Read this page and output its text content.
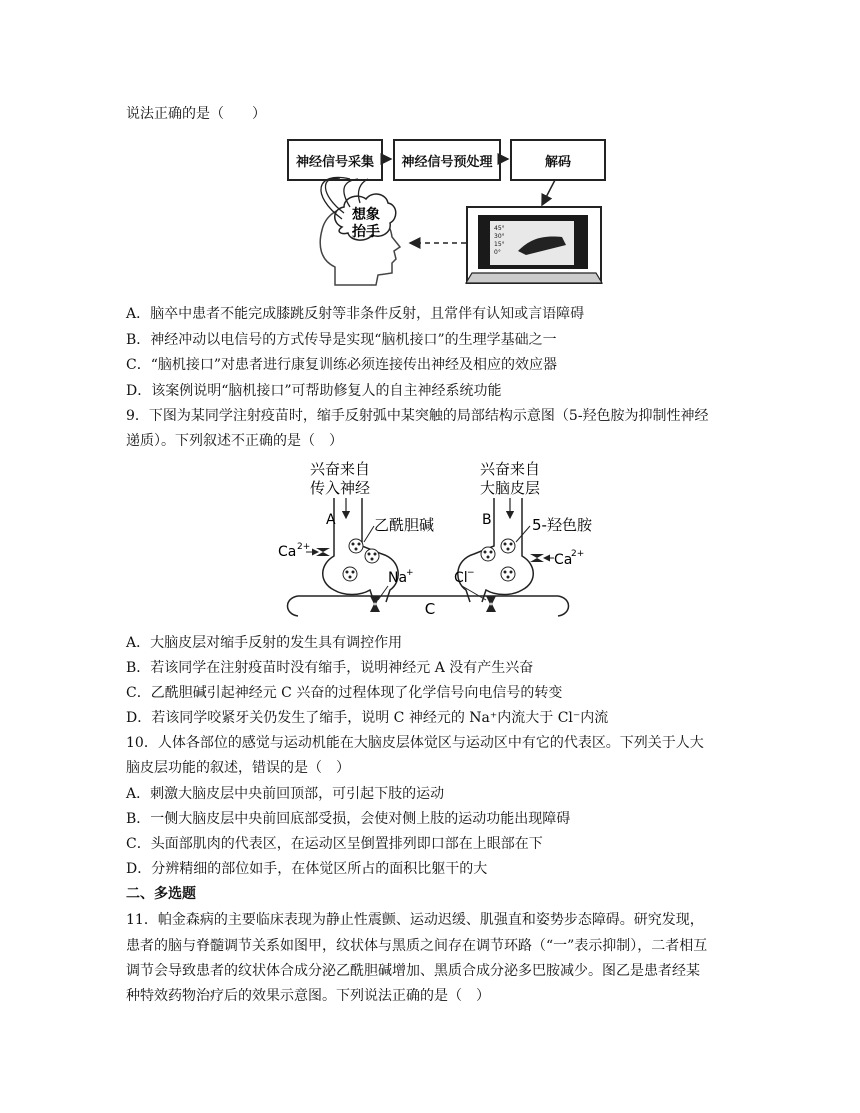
说法正确的是（　　）
神经信号采集 神经信号预处理	解码
想象
抬手	45°
30°
15°
0°
A．脑卒中患者不能完成膝跳反射等非条件反射，且常伴有认知或言语障碍
B．神经冲动以电信号的方式传导是实现“脑机接口”的生理学基础之一
C．“脑机接口”对患者进行康复训练必须连接传出神经及相应的效应器
D．该案例说明“脑机接口”可帮助修复人的自主神经系统功能
9．下图为某同学注射疫苗时，缩手反射弧中某突触的局部结构示意图（5-羟色胺为抑制性神经
递质）。下列叙述不正确的是（　）
兴奋来自
传入神经
兴奋来自
大脑皮层
A	乙酰胆碱
Ca 2+
B	5-羟色胺
Ca
2+
Na
+	Cl −
C
A．大脑皮层对缩手反射的发生具有调控作用
B．若该同学在注射疫苗时没有缩手，说明神经元 A 没有产生兴奋
C．乙酰胆碱引起神经元 C 兴奋的过程体现了化学信号向电信号的转变
D．若该同学咬紧牙关仍发生了缩手，说明 C 神经元的 Na⁺内流大于 Cl⁻内流
10．人体各部位的感觉与运动机能在大脑皮层体觉区与运动区中有它的代表区。下列关于人大
脑皮层功能的叙述，错误的是（　）
A．刺激大脑皮层中央前回顶部，可引起下肢的运动
B．一侧大脑皮层中央前回底部受损，会使对侧上肢的运动功能出现障碍
C．头面部肌肉的代表区，在运动区呈倒置排列即口部在上眼部在下
D．分辨精细的部位如手，在体觉区所占的面积比躯干的大
二、多选题
11．帕金森病的主要临床表现为静止性震颤、运动迟缓、肌强直和姿势步态障碍。研究发现，
患者的脑与脊髓调节关系如图甲，纹状体与黑质之间存在调节环路（“一”表示抑制），二者相互
调节会导致患者的纹状体合成分泌乙酰胆碱增加、黑质合成分泌多巴胺减少。图乙是患者经某
种特效药物治疗后的效果示意图。下列说法正确的是（　）
